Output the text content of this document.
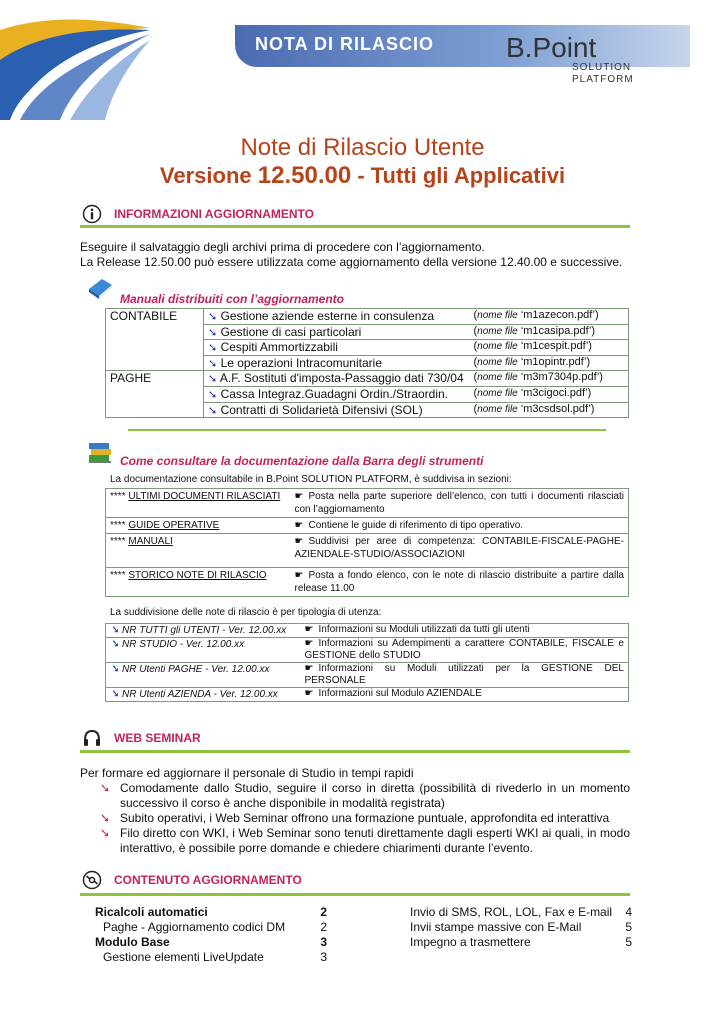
NOTA DI RILASCIO	B.Point
SOLUTION
PLATFORM
Note di Rilascio Utente
Versione 12.50.00 - Tutti gli Applicativi
INFORMAZIONI AGGIORNAMENTO
Eseguire il salvataggio degli archivi prima di procedere con l’aggiornamento.
La Release 12.50.00 può essere utilizzata come aggiornamento della versione 12.40.00 e successive.
Manuali distribuiti con l’aggiornamento
CONTABILE	➘ Gestione aziende esterne in consulenza	(nome file ‘m1azecon.pdf’)
	➘ Gestione di casi particolari	(nome file ‘m1casipa.pdf’)
	➘ Cespiti Ammortizzabili	(nome file ‘m1cespit.pdf’)
	➘ Le operazioni Intracomunitarie	(nome file ‘m1opintr.pdf’)
PAGHE	➘ A.F. Sostituti d'imposta-Passaggio dati 730/04	(nome file ‘m3m7304p.pdf’)
	➘ Cassa Integraz.Guadagni Ordin./Straordin.	(nome file ‘m3cigoci.pdf’)
	➘ Contratti di Solidarietà Difensivi (SOL)	(nome file ‘m3csdsol.pdf’)
Come consultare la documentazione dalla Barra degli strumenti
La documentazione consultabile in B.Point SOLUTION PLATFORM, è suddivisa in sezioni:
**** ULTIMI DOCUMENTI RILASCIATI	☛ Posta nella parte superiore dell’elenco, con tutti i documenti rilasciati con l’aggiornamento
**** GUIDE OPERATIVE	☛ Contiene le guide di riferimento di tipo operativo.
**** MANUALI	☛ Suddivisi per aree di competenza: CONTABILE-FISCALE-PAGHE-AZIENDALE-STUDIO/ASSOCIAZIONI
**** STORICO NOTE DI RILASCIO	☛ Posta a fondo elenco, con le note di rilascio distribuite a partire dalla release 11.00
La suddivisione delle note di rilascio è per tipologia di utenza:
➘ NR TUTTI gli UTENTI - Ver. 12.00.xx	☛ Informazioni su Moduli utilizzati da tutti gli utenti
➘ NR STUDIO - Ver. 12.00.xx	☛ Informazioni su Adempimenti a carattere CONTABILE, FISCALE e GESTIONE dello STUDIO
➘ NR Utenti PAGHE - Ver. 12.00.xx	☛ Informazioni su Moduli utilizzati per la GESTIONE DEL PERSONALE
➘ NR Utenti AZIENDA - Ver. 12.00.xx	☛ Informazioni sul Modulo AZIENDALE
WEB SEMINAR
Per formare ed aggiornare il personale di Studio in tempi rapidi
➘ Comodamente dallo Studio, seguire il corso in diretta (possibilità di rivederlo in un momento successivo il corso è anche disponibile in modalità registrata)
➘ Subito operativi, i Web Seminar offrono una formazione puntuale, approfondita ed interattiva
➘ Filo diretto con WKI, i Web Seminar sono tenuti direttamente dagli esperti WKI ai quali, in modo interattivo, è possibile porre domande e chiedere chiarimenti durante l’evento.
CONTENUTO AGGIORNAMENTO
Ricalcoli automatici	2
Paghe - Aggiornamento codici DM	2
Modulo Base	3
Gestione elementi LiveUpdate	3
Invio di SMS, ROL, LOL, Fax e E-mail 4
Invii stampe massive con E-Mail	5
Impegno a trasmettere	5
